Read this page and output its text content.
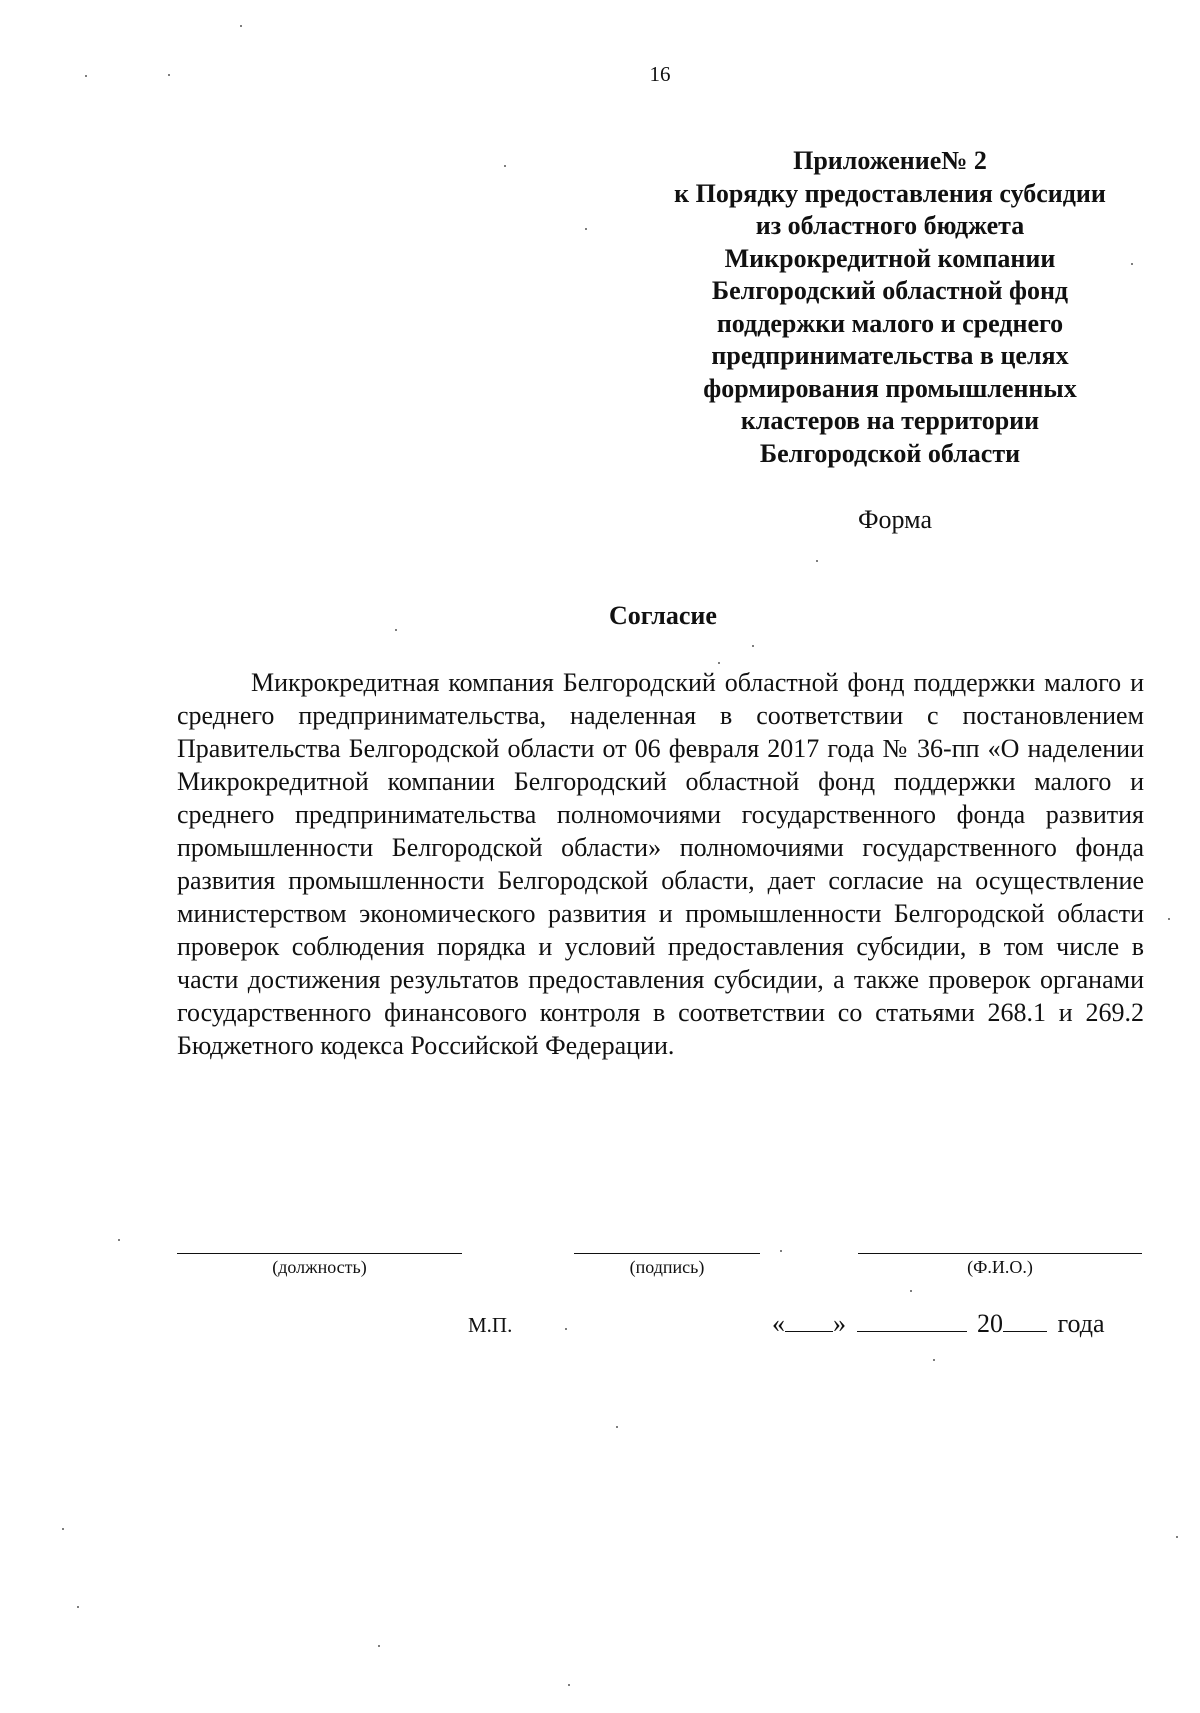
16
Приложение№ 2
к Порядку предоставления субсидии
из областного бюджета
Микрокредитной компании
Белгородский областной фонд
поддержки малого и среднего
предпринимательства в целях
формирования промышленных
кластеров на территории
Белгородской области
Форма
Согласие

Микрокредитная компания Белгородский областной фонд поддержки малого и среднего предпринимательства, наделенная в соответствии с постановлением Правительства Белгородской области от 06 февраля 2017 года № 36-пп «О наделении Микрокредитной компании Белгородский областной фонд поддержки малого и среднего предпринимательства полномочиями государственного фонда развития промышленности Белгородской области» полномочиями государственного фонда развития промышленности Белгородской области, дает согласие на осуществление министерством экономического развития и промышленности Белгородской области проверок соблюдения порядка и условий предоставления субсидии, в том числе в части достижения результатов предоставления субсидии, а также проверок органами государственного финансового контроля в соответствии со статьями 268.1 и 269.2 Бюджетного кодекса Российской Федерации.

(должность)	(подпись)	(Ф.И.О.)
М.П.	« »	20 года
